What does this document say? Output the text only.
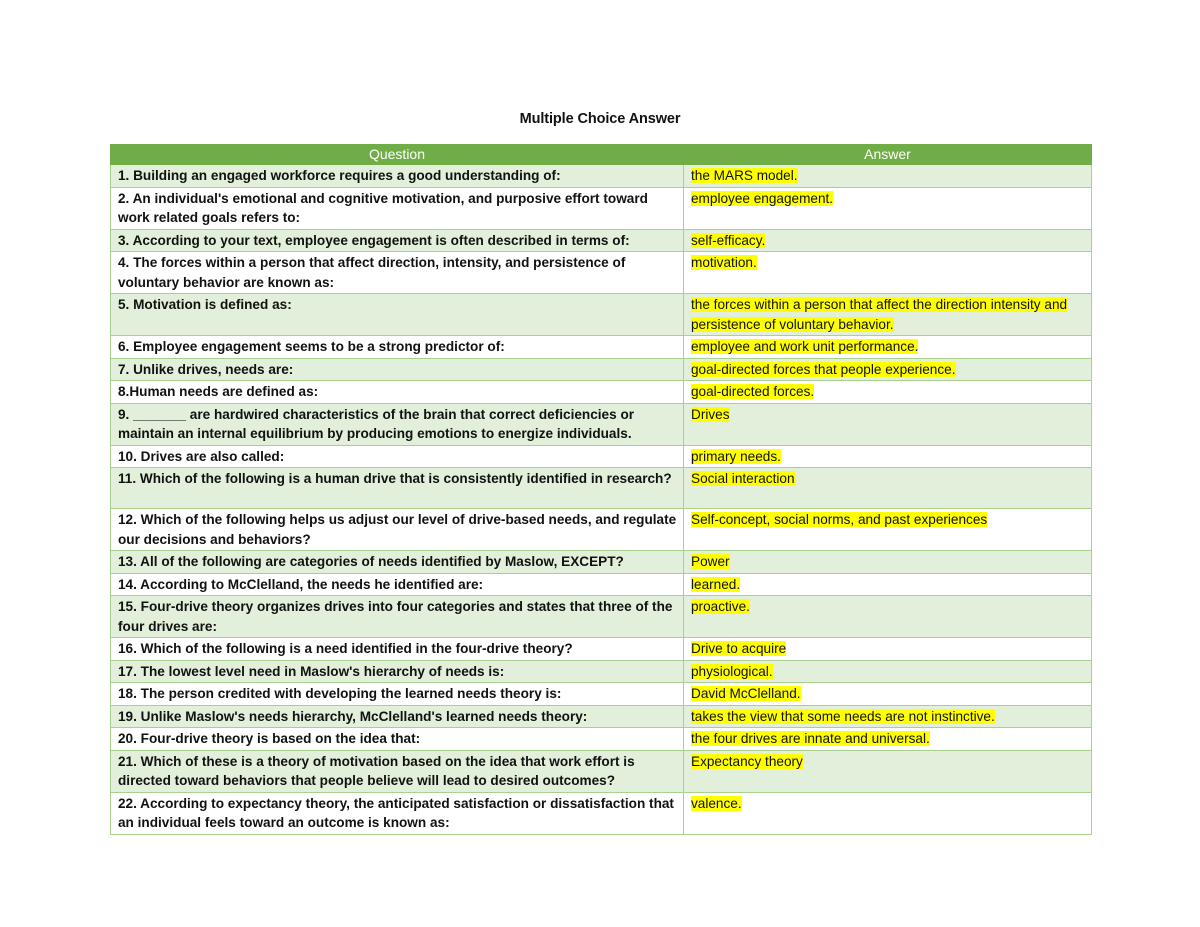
Multiple Choice Answer
Question	Answer
1. Building an engaged workforce requires a good understanding of:	the MARS model.
2. An individual's emotional and cognitive motivation, and purposive effort toward work related goals refers to:	employee engagement.
3. According to your text, employee engagement is often described in terms of:	self-efficacy.
4. The forces within a person that affect direction, intensity, and persistence of voluntary behavior are known as:	motivation.
5. Motivation is defined as:	the forces within a person that affect the direction intensity and persistence of voluntary behavior.
6. Employee engagement seems to be a strong predictor of:	employee and work unit performance.
7. Unlike drives, needs are:	goal-directed forces that people experience.
8.Human needs are defined as:	goal-directed forces.
9. _______ are hardwired characteristics of the brain that correct deficiencies or maintain an internal equilibrium by producing emotions to energize individuals.	Drives
10. Drives are also called:	primary needs.
11. Which of the following is a human drive that is consistently identified in research?	Social interaction
12. Which of the following helps us adjust our level of drive-based needs, and regulate our decisions and behaviors?	Self-concept, social norms, and past experiences
13. All of the following are categories of needs identified by Maslow, EXCEPT?	Power
14. According to McClelland, the needs he identified are:	learned.
15. Four-drive theory organizes drives into four categories and states that three of the four drives are:	proactive.
16. Which of the following is a need identified in the four-drive theory?	Drive to acquire
17. The lowest level need in Maslow's hierarchy of needs is:	physiological.
18. The person credited with developing the learned needs theory is:	David McClelland.
19. Unlike Maslow's needs hierarchy, McClelland's learned needs theory:	takes the view that some needs are not instinctive.
20. Four-drive theory is based on the idea that:	the four drives are innate and universal.
21. Which of these is a theory of motivation based on the idea that work effort is directed toward behaviors that people believe will lead to desired outcomes?	Expectancy theory
22. According to expectancy theory, the anticipated satisfaction or dissatisfaction that an individual feels toward an outcome is known as:	valence.
